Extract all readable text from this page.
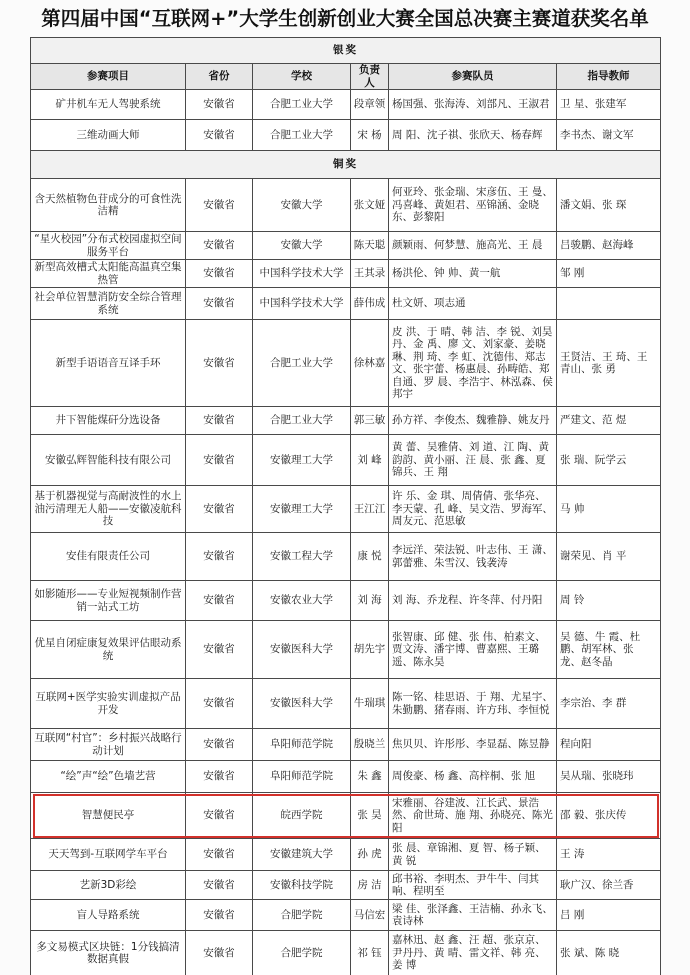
第四届中国“互联网+”大学生创新创业大赛全国总决赛主赛道获奖名单
银奖					
参赛项目	省份	学校	负责人	参赛队员	指导教师

矿井机车无人驾驶系统	安徽省	合肥工业大学	段章领	杨国强、张海涛、刘部凡、王淑君	卫 星、张建军

三维动画大师	安徽省	合肥工业大学	宋 杨	周 阳、沈子祺、张欣天、杨春辉	李书杰、谢文军

铜奖					

含天然植物色苷成分的可食性洗洁精	安徽省	安徽大学	张文娅	何亚玲、张金瑞、宋彦伍、王 曼、冯喜峰、黄妲君、巫锦涵、金晓东、彭黎阳	潘文娟、张 琛

“星火校园”分布式校园虚拟空间服务平台	安徽省	安徽大学	陈天聪	颜颖雨、何梦慧、施高光、王 晨	吕骏鹏、赵海峰

新型高效槽式太阳能高温真空集热管	安徽省	中国科学技术大学	王其录	杨洪伦、钟 帅、黄一航	邹 刚

社会单位智慧消防安全综合管理系统	安徽省	中国科学技术大学	薛伟成	杜文妍、项志通	

新型手语语音互译手环	安徽省	合肥工业大学	徐林嘉	皮 洪、于 晴、韩 洁、李 锐、刘昊丹、金 禹、廖 文、刘家豪、姜晓琳、荆 琦、李 虹、沈德伟、郑志文、张宇蕾、杨惠晨、孙畴皓、郑自通、罗 晨、李浩宇、林泓森、侯邦宇	王贤洁、王 琦、王青山、张 勇

井下智能煤矸分选设备	安徽省	合肥工业大学	郭三敏	孙方祥、李俊杰、魏雅静、姚友丹	严建文、范 煜

安徽弘辉智能科技有限公司	安徽省	安徽理工大学	刘 峰	黄 蕾、吴雅倩、刘 道、江 陶、黄韵韵、黄小丽、汪 晨、张 鑫、夏锦兵、王 翔	张 瑞、阮学云

基于机器视觉与高耐波性的水上油污清理无人船——安徽凌航科技	安徽省	安徽理工大学	王江江	许 乐、金 琪、周倩倩、张华亮、李天蒙、孔 峰、吴文浩、罗海军、周友元、范思敏	马 帅

安佳有限责任公司	安徽省	安徽工程大学	康 悦	李远洋、荣法锐、叶志伟、王 潇、郭蕾雅、朱雪汉、钱袭涛	谢荣见、肖 平

如影随形——专业短视频制作营销一站式工坊	安徽省	安徽农业大学	刘 海	刘 海、乔龙程、许冬萍、付丹阳	周 铃

优星自闭症康复效果评估眼动系统	安徽省	安徽医科大学	胡先宇	张智康、邱 健、张 伟、柏素文、贾文涛、潘宇博、曹嘉熙、王璐遥、陈永昊	吴 德、牛 霞、杜 鹏、胡军林、张 龙、赵冬晶

互联网+医学实验实训虚拟产品开发	安徽省	安徽医科大学	牛瑞琪	陈一铭、桂思语、于 翔、尤星宇、朱勤鹏、猪春雨、许方玮、李恒悦	李宗治、李 群

互联网“村官”：乡村振兴战略行动计划	安徽省	阜阳师范学院	殷晓兰	焦贝贝、许彤彤、李显磊、陈昱静	程向阳

“绘”声“绘”色墙艺营	安徽省	阜阳师范学院	朱 鑫	周俊豪、杨 鑫、高梓桐、张 旭	吴从瑞、张晓玮

智慧便民亭	安徽省	皖西学院	张 昊	宋雅丽、谷建波、江长武、景浩然、俞世琦、施 翔、孙晓亮、陈光阳	邵 毅、张庆传

天天驾到-互联网学车平台	安徽省	安徽建筑大学	孙 虎	张 晨、章锦湘、夏 智、杨子颖、黄 锐	王 涛

艺新3D彩绘	安徽省	安徽科技学院	房 洁	邱书裕、李明杰、尹牛牛、闫其响、程明至	耿广汉、徐兰香

盲人导路系统	安徽省	合肥学院	马信宏	梁 佳、张泽鑫、王洁楠、孙永飞、袁诗林	吕 刚

多文易模式区块链：1分钱搞清数据真假	安徽省	合肥学院	祁 钰	嘉林迅、赵 鑫、汪 超、张京京、尹丹丹、黄 晴、雷文祥、韩 亮、姜 博	张 斌、陈 晓
